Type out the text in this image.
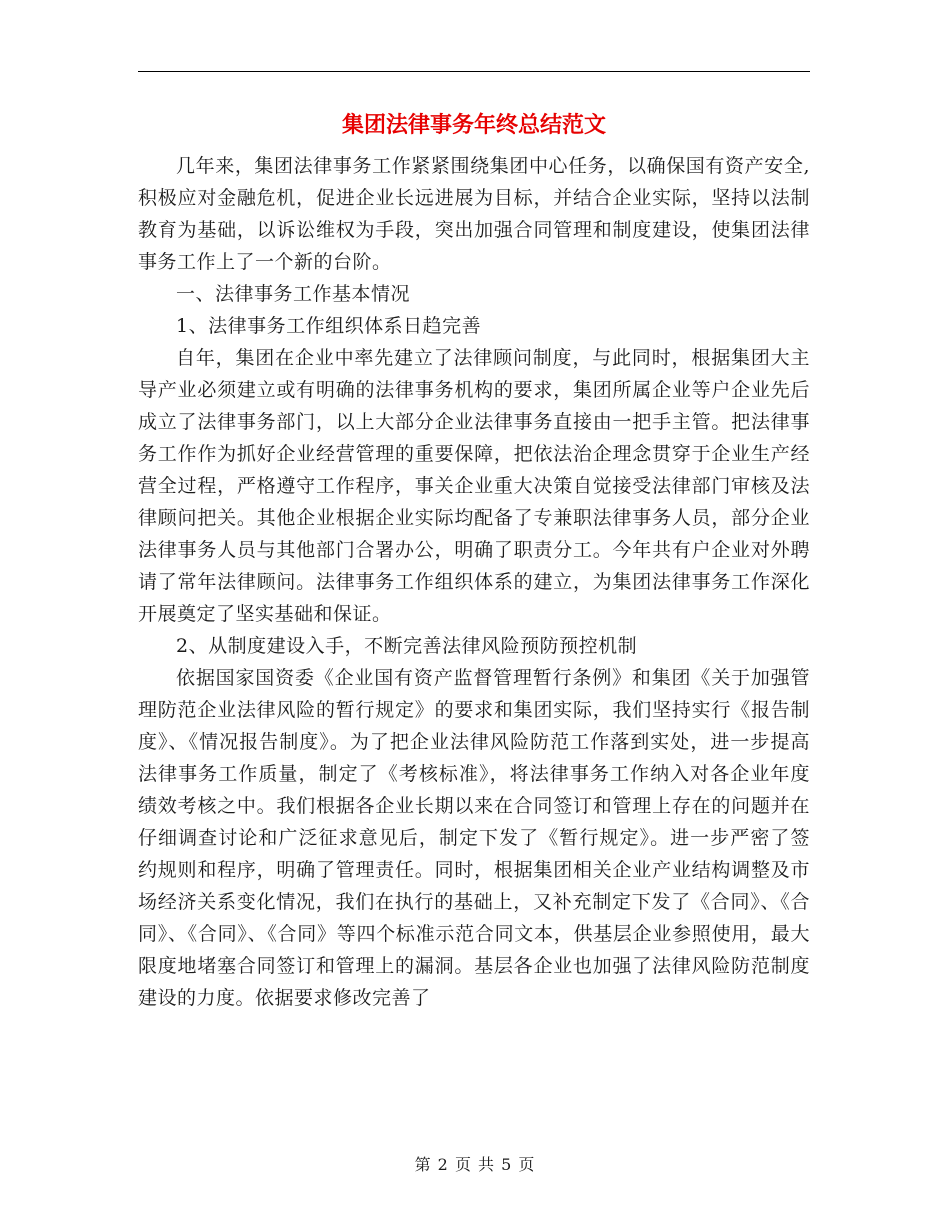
集团法律事务年终总结范文

几年来，集团法律事务工作紧紧围绕集团中心任务，以确保国有资产安全,积极应对金融危机，促进企业长远进展为目标，并结合企业实际，坚持以法制教育为基础，以诉讼维权为手段，突出加强合同管理和制度建设，使集团法律事务工作上了一个新的台阶。

一、法律事务工作基本情况

1、法律事务工作组织体系日趋完善

自年，集团在企业中率先建立了法律顾问制度，与此同时，根据集团大主导产业必须建立或有明确的法律事务机构的要求，集团所属企业等户企业先后成立了法律事务部门，以上大部分企业法律事务直接由一把手主管。把法律事务工作作为抓好企业经营管理的重要保障，把依法治企理念贯穿于企业生产经营全过程，严格遵守工作程序，事关企业重大决策自觉接受法律部门审核及法律顾问把关。其他企业根据企业实际均配备了专兼职法律事务人员，部分企业法律事务人员与其他部门合署办公，明确了职责分工。今年共有户企业对外聘请了常年法律顾问。法律事务工作组织体系的建立，为集团法律事务工作深化开展奠定了坚实基础和保证。

2、从制度建设入手，不断完善法律风险预防预控机制

依据国家国资委《企业国有资产监督管理暂行条例》和集团《关于加强管理防范企业法律风险的暂行规定》的要求和集团实际，我们坚持实行《报告制度》、《情况报告制度》。为了把企业法律风险防范工作落到实处，进一步提高法律事务工作质量，制定了《考核标准》，将法律事务工作纳入对各企业年度绩效考核之中。我们根据各企业长期以来在合同签订和管理上存在的问题并在仔细调查讨论和广泛征求意见后，制定下发了《暂行规定》。进一步严密了签约规则和程序，明确了管理责任。同时，根据集团相关企业产业结构调整及市场经济关系变化情况，我们在执行的基础上，又补充制定下发了《合同》、《合同》、《合同》、《合同》等四个标准示范合同文本，供基层企业参照使用，最大限度地堵塞合同签订和管理上的漏洞。基层各企业也加强了法律风险防范制度建设的力度。依据要求修改完善了

第 2 页 共 5 页
